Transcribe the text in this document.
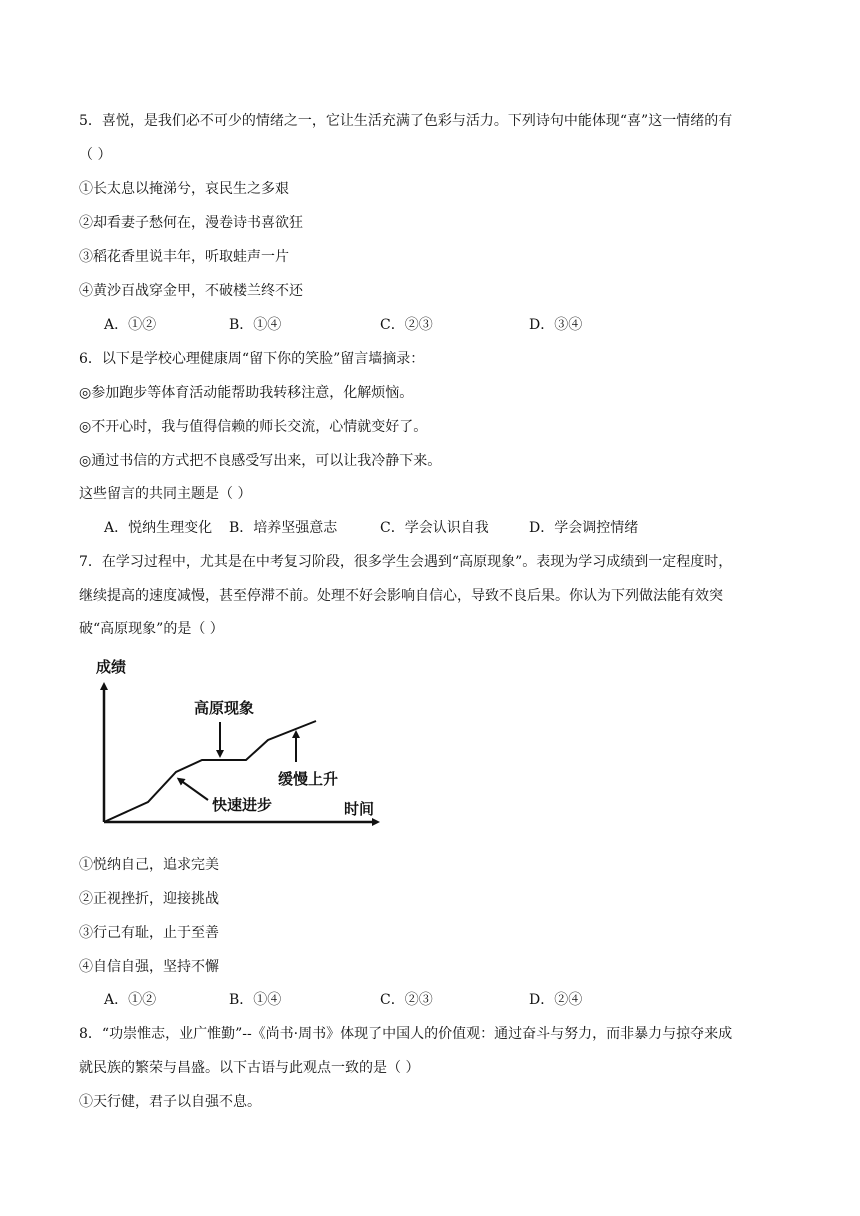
5．喜悦，是我们必不可少的情绪之一，它让生活充满了色彩与活力。下列诗句中能体现“喜”这一情绪的有
（ ）
①长太息以掩涕兮，哀民生之多艰
②却看妻子愁何在，漫卷诗书喜欲狂
③稻花香里说丰年，听取蛙声一片
④黄沙百战穿金甲，不破楼兰终不还
A．①②	B．①④	C．②③	D．③④
6．以下是学校心理健康周“留下你的笑脸”留言墙摘录：
◎参加跑步等体育活动能帮助我转移注意，化解烦恼。
◎不开心时，我与值得信赖的师长交流，心情就变好了。
◎通过书信的方式把不良感受写出来，可以让我冷静下来。
这些留言的共同主题是（ ）
A．悦纳生理变化 B．培养坚强意志	C．学会认识自我	D．学会调控情绪
7．在学习过程中，尤其是在中考复习阶段，很多学生会遇到“高原现象”。表现为学习成绩到一定程度时，
继续提高的速度减慢，甚至停滞不前。处理不好会影响自信心，导致不良后果。你认为下列做法能有效突
破“高原现象”的是（ ）
成绩
时间
高原现象
缓慢上升
快速进步
①悦纳自己，追求完美
②正视挫折，迎接挑战
③行己有耻，止于至善
④自信自强，坚持不懈
A．①②	B．①④	C．②③	D．②④
8．“功崇惟志，业广惟勤”--《尚书·周书》体现了中国人的价值观：通过奋斗与努力，而非暴力与掠夺来成
就民族的繁荣与昌盛。以下古语与此观点一致的是（ ）
①天行健，君子以自强不息。
